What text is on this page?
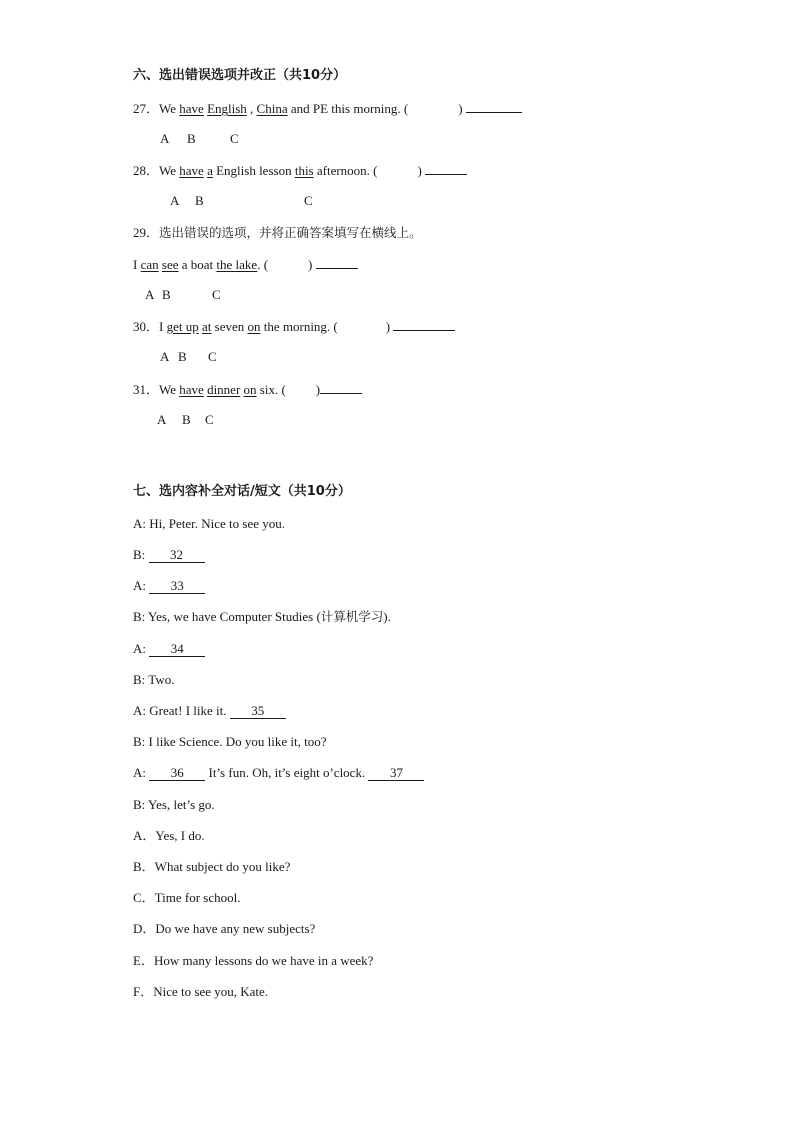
六、选出错误选项并改正（共10分）
27．We have English , China and PE this morning. (	)
A B	C
28．We have a English lesson this afternoon. (	)
A B	C
29．选出错误的选项，并将正确答案填写在横线上。
I can see a boat the lake. (	)
A B	C
30．I get up at seven on the morning. (	)
A B C
31．We have dinner on six. ( )
A B C
七、选内容补全对话/短文（共10分）
A: Hi, Peter. Nice to see you.
B: 32
A: 33
B: Yes, we have Computer Studies (计算机学习).
A: 34
B: Two.
A: Great! I like it. 35
B: I like Science. Do you like it, too?
A: 36 It’s fun. Oh, it’s eight o’clock. 37
B: Yes, let’s go.
A．Yes, I do.
B．What subject do you like?
C．Time for school.
D．Do we have any new subjects?
E．How many lessons do we have in a week?
F．Nice to see you, Kate.
